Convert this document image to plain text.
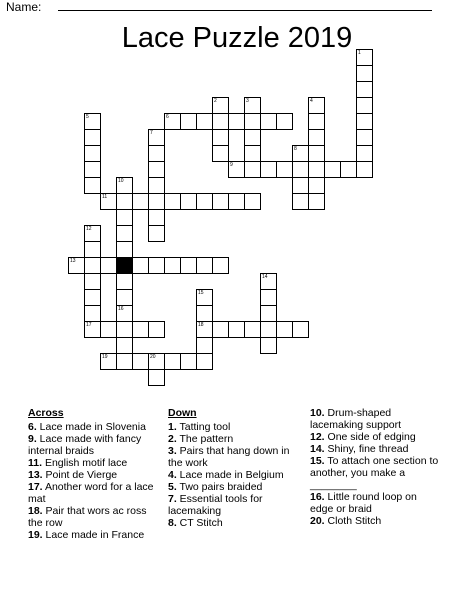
Name:
Lace Puzzle 2019	1
2	3	4
5	6
7
8
9
10
11
12
13
14
15
18
16
17
19	20
Across
6. Lace made in Slovenia
9. Lace made with fancy internal braids
11. English motif lace
13. Point de Vierge
17. Another word for a lace mat
18. Pair that wors ac ross the row
19. Lace made in France
Down
1. Tatting tool
2. The pattern
3. Pairs that hang down in the work
4. Lace made in Belgium
5. Two pairs braided
7. Essential tools for lacemaking
8. CT Stitch
10. Drum-shaped lacemaking support
12. One side of edging
14. Shiny, fine thread
15. To attach one section to another, you make a ________
16. Little round loop on edge or braid
20. Cloth Stitch
